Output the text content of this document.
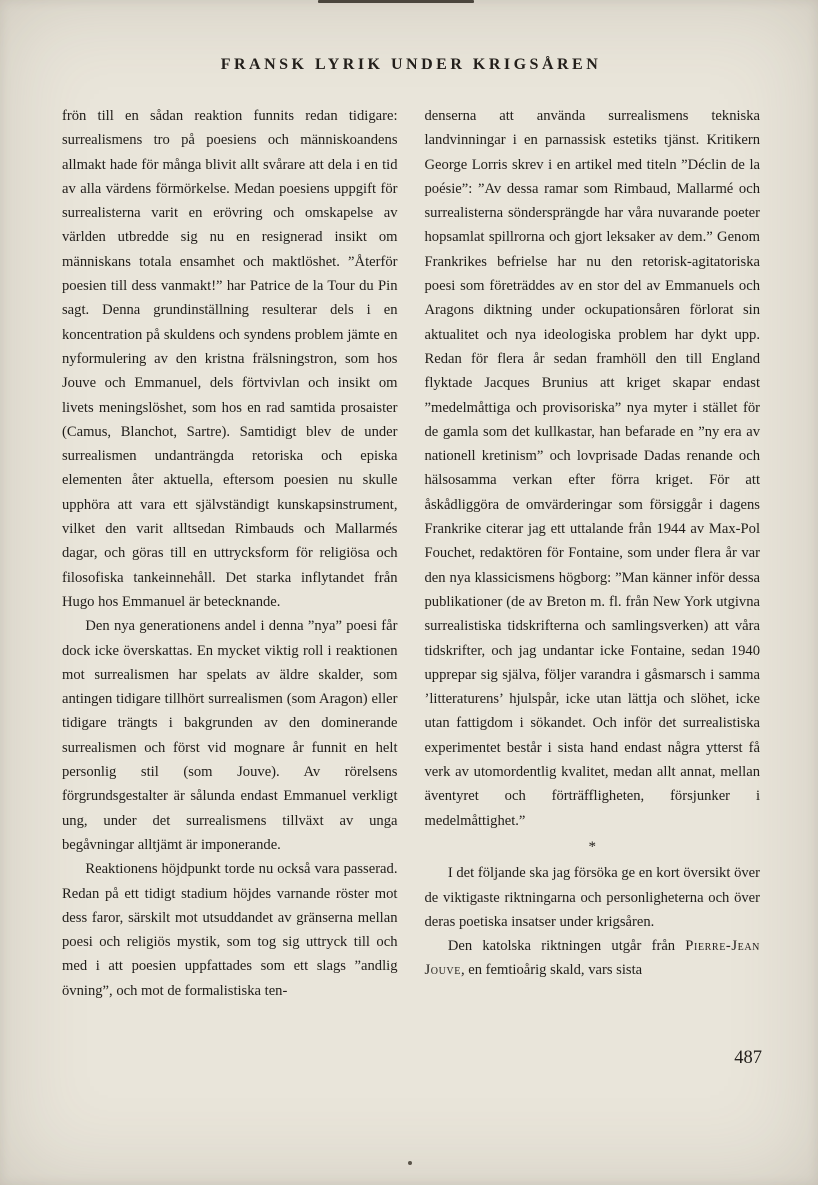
FRANSK LYRIK UNDER KRIGSÅREN

frön till en sådan reaktion funnits redan tidigare: surrealismens tro på poesiens och människoandens allmakt hade för många blivit allt svårare att dela i en tid av alla värdens förmörkelse. Medan poesiens uppgift för surrealisterna varit en erövring och omskapelse av världen utbredde sig nu en resignerad insikt om människans totala ensamhet och maktlöshet. ”Återför poesien till dess vanmakt!” har Patrice de la Tour du Pin sagt. Denna grundinställning resulterar dels i en koncentration på skuldens och syndens problem jämte en nyformulering av den kristna frälsningstron, som hos Jouve och Emmanuel, dels förtvivlan och insikt om livets meningslöshet, som hos en rad samtida prosaister (Camus, Blanchot, Sartre). Samtidigt blev de under surrealismen undanträngda retoriska och episka elementen åter aktuella, eftersom poesien nu skulle upphöra att vara ett självständigt kunskapsinstrument, vilket den varit alltsedan Rimbauds och Mallarmés dagar, och göras till en uttrycksform för religiösa och filosofiska tankeinnehåll. Det starka inflytandet från Hugo hos Emmanuel är betecknande.

Den nya generationens andel i denna ”nya” poesi får dock icke överskattas. En mycket viktig roll i reaktionen mot surrealismen har spelats av äldre skalder, som antingen tidigare tillhört surrealismen (som Aragon) eller tidigare trängts i bakgrunden av den dominerande surrealismen och först vid mognare år funnit en helt personlig stil (som Jouve). Av rörelsens förgrundsgestalter är sålunda endast Emmanuel verkligt ung, under det surrealismens tillväxt av unga begåvningar alltjämt är imponerande.

Reaktionens höjdpunkt torde nu också vara passerad. Redan på ett tidigt stadium höjdes varnande röster mot dess faror, särskilt mot utsuddandet av gränserna mellan poesi och religiös mystik, som tog sig uttryck till och med i att poesien uppfattades som ett slags ”andlig övning”, och mot de formalistiska ten-

denserna att använda surrealismens tekniska landvinningar i en parnassisk estetiks tjänst. Kritikern George Lorris skrev i en artikel med titeln ”Déclin de la poésie”: ”Av dessa ramar som Rimbaud, Mallarmé och surrealisterna söndersprängde har våra nuvarande poeter hopsamlat spillrorna och gjort leksaker av dem.” Genom Frankrikes befrielse har nu den retorisk-agitatoriska poesi som företräddes av en stor del av Emmanuels och Aragons diktning under ockupationsåren förlorat sin aktualitet och nya ideologiska problem har dykt upp. Redan för flera år sedan framhöll den till England flyktade Jacques Brunius att kriget skapar endast ”medelmåttiga och provisoriska” nya myter i stället för de gamla som det kullkastar, han befarade en ”ny era av nationell kretinism” och lovprisade Dadas renande och hälsosamma verkan efter förra kriget. För att åskådliggöra de omvärderingar som försiggår i dagens Frankrike citerar jag ett uttalande från 1944 av Max-Pol Fouchet, redaktören för Fontaine, som under flera år var den nya klassicismens högborg: ”Man känner inför dessa publikationer (de av Breton m. fl. från New York utgivna surrealistiska tidskrifterna och samlingsverken) att våra tidskrifter, och jag undantar icke Fontaine, sedan 1940 upprepar sig själva, följer varandra i gåsmarsch i samma ’litteraturens’ hjulspår, icke utan lättja och slöhet, icke utan fattigdom i sökandet. Och inför det surrealistiska experimentet består i sista hand endast några ytterst få verk av utomordentlig kvalitet, medan allt annat, mellan äventyret och förträffligheten, försjunker i medelmåttighet.”

*

I det följande ska jag försöka ge en kort översikt över de viktigaste riktningarna och personligheterna och över deras poetiska insatser under krigsåren.

Den katolska riktningen utgår från Pierre-Jean Jouve, en femtioårig skald, vars sista

487
